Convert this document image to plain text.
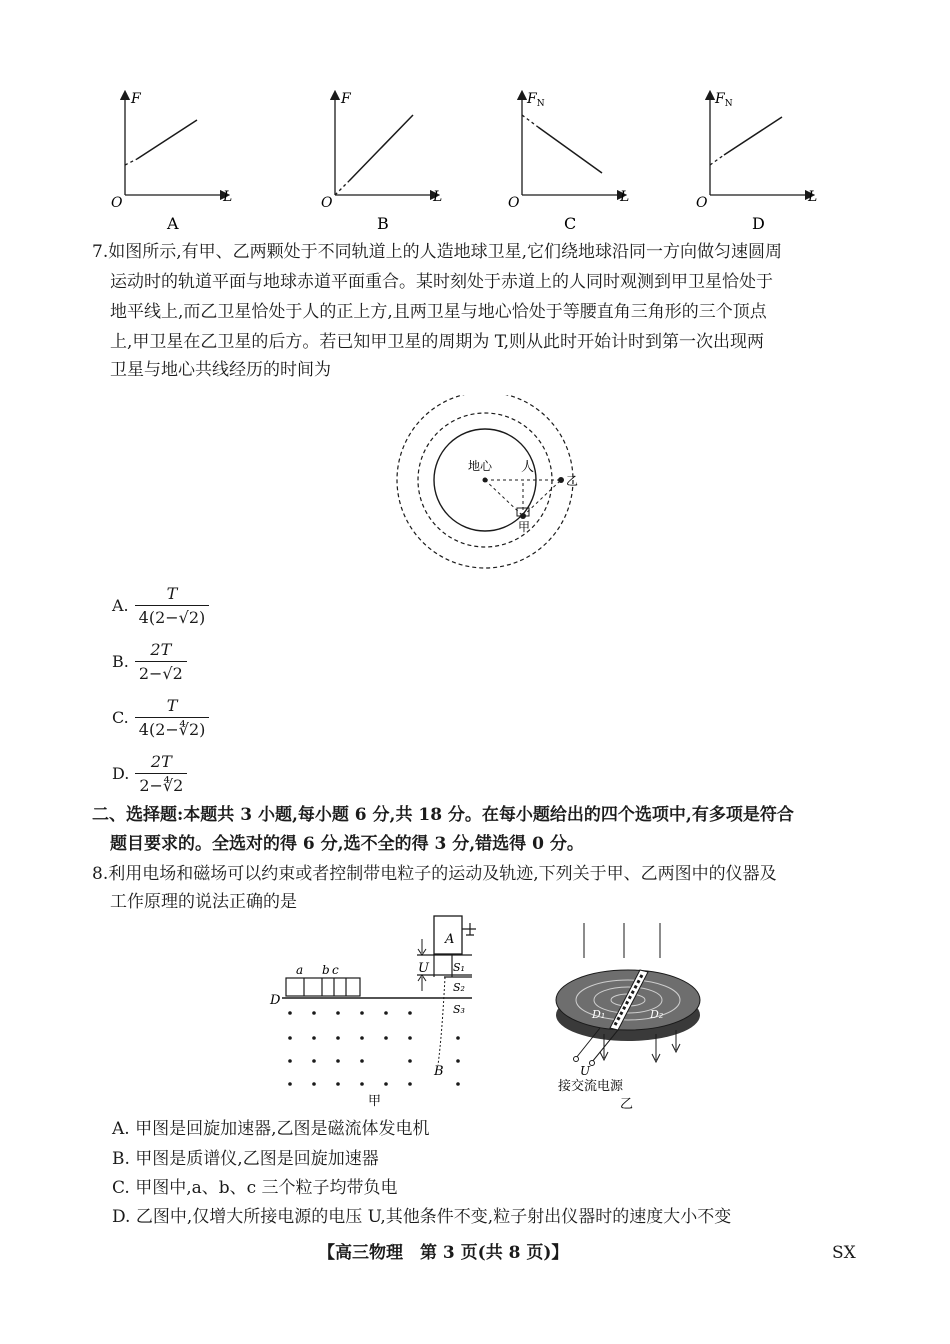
F
L
O
A
F
L
O
B
$F_N$
L
O
C
$F_N$
L
O
D
7.如图所示,有甲、乙两颗处于不同轨道上的人造地球卫星,它们绕地球沿同一方向做匀速圆周
运动时的轨道平面与地球赤道平面重合。某时刻处于赤道上的人同时观测到甲卫星恰处于
地平线上,而乙卫星恰处于人的正上方,且两卫星与地心恰处于等腰直角三角形的三个顶点
上,甲卫星在乙卫星的后方。若已知甲卫星的周期为 T,则从此时开始计时到第一次出现两
卫星与地心共线经历的时间为
地心 人
乙
甲
A. $\frac{T}{4(2-√2)}$
B. $\frac{2T}{2-√2}$
C. $\frac{T}{4(2-∜2)}$
D. $\frac{2T}{2-∜2}$
二、选择题:本题共 3 小题,每小题 6 分,共 18 分。在每小题给出的四个选项中,有多项是符合
题目要求的。全选对的得 6 分,选不全的得 3 分,错选得 0 分。
8.利用电场和磁场可以约束或者控制带电粒子的运动及轨迹,下列关于甲、乙两图中的仪器及
工作原理的说法正确的是
A
U S₁
S₂
D
S₃
a b c
B
甲
D₁	D₂
U
接交流电源
乙
A. 甲图是回旋加速器,乙图是磁流体发电机
B. 甲图是质谱仪,乙图是回旋加速器
C. 甲图中,a、b、c 三个粒子均带负电
D. 乙图中,仅增大所接电源的电压 U,其他条件不变,粒子射出仪器时的速度大小不变
【高三物理　第 3 页(共 8 页)】	SX
